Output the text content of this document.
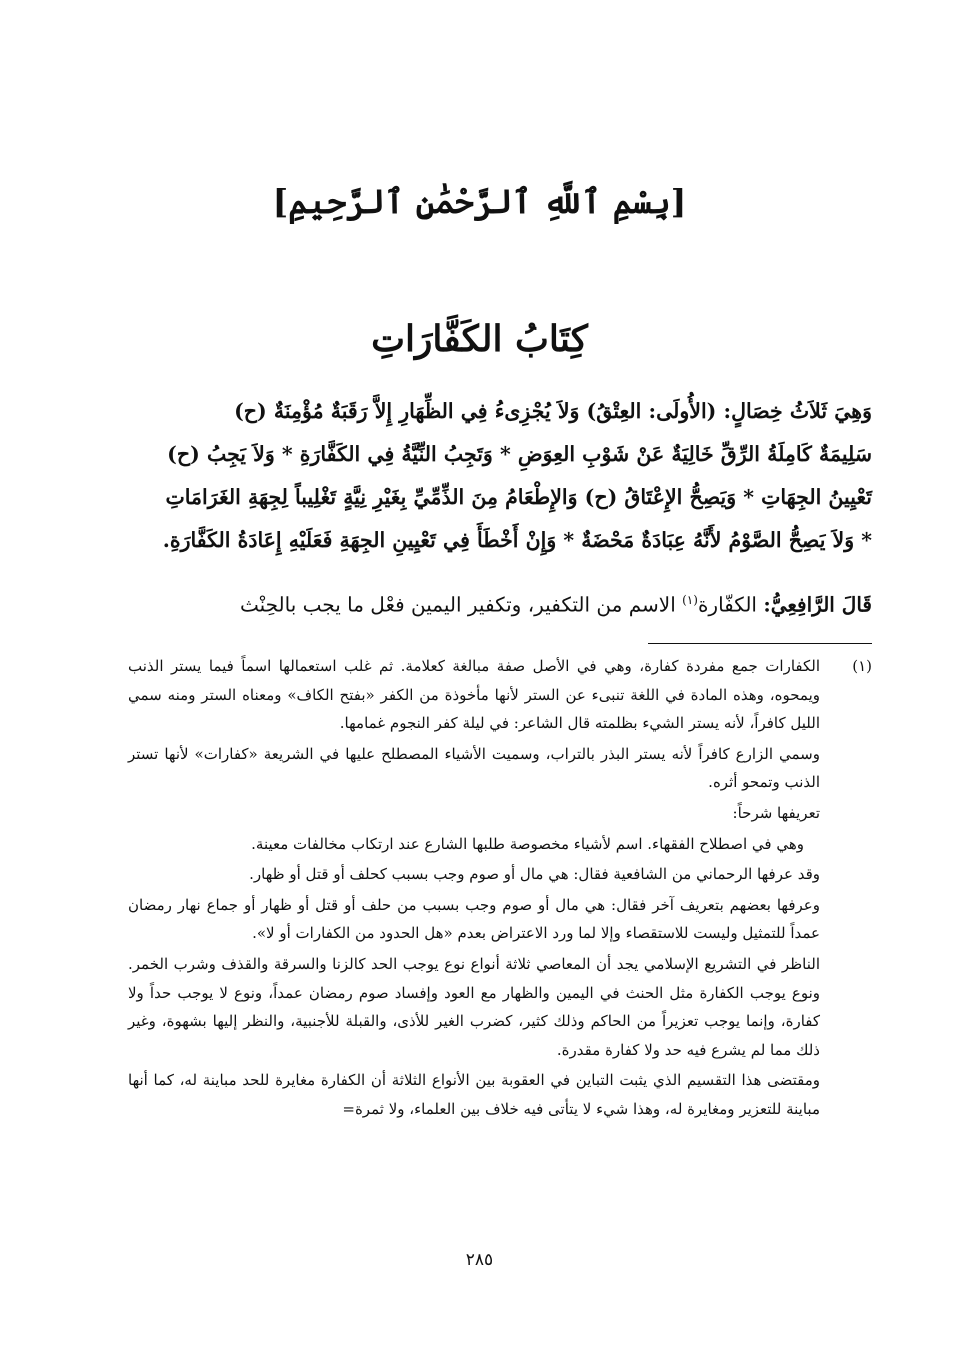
[بِسْمِ ٱللَّهِ ٱلرَّحْمَٰنِ ٱلرَّحِيمِ]
كِتَابُ الكَفَّارَاتِ

وَهِيَ ثَلاَثُ خِصَالٍ: (الأُولَى: العِتْقُ) وَلاَ يُجْزِىءُ فِي الظِّهَارِ إِلاَّ رَقَبَةٌ مُؤْمِنَةٌ (ح)

سَلِيمَةٌ كَامِلَةُ الرِّقِّ خَالِيَةٌ عَنْ شَوْبِ العِوَضِ * وَتَجِبُ النِّيَّةُ فِي الكَفَّارَةِ * وَلاَ يَجِبُ (ح)

تَعْيِينُ الجِهَاتِ * وَيَصِحُّ الإِعْتَاقُ (ح) وَالإِطْعَامُ مِنَ الذِّمِّيِّ بِغَيْرِ نِيَّةٍ تَغْلِيباً لِجِهَةِ الغَرَامَاتِ

* وَلاَ يَصِحُّ الصَّوْمُ لأَنَّهُ عِبَادَةٌ مَحْضَةٌ * وَإِنْ أَخْطَأَ فِي تَعْيِينِ الجِهَةِ فَعَلَيْهِ إِعَادَةُ الكَفَّارَةِ.

قَالَ الرَّافِعِيُّ: الكفّارة$^{(١)}$ الاسم من التكفير، وتكفير اليمين فعْل ما يجب بالحِنْث
(١)

الكفارات جمع مفردة كفارة، وهي في الأصل صفة مبالغة كعلامة. ثم غلب استعمالها اسماً فيما يستر الذنب ويمحوه، وهذه المادة في اللغة تنبىء عن الستر لأنها مأخوذة من الكفر «بفتح الكاف» ومعناه الستر ومنه سمي الليل كافراً، لأنه يستر الشيء بظلمته قال الشاعر: في ليلة كفر النجوم غمامها.

وسمي الزارع كافراً لأنه يستر البذر بالتراب، وسميت الأشياء المصطلح عليها في الشريعة «كفارات» لأنها تستر الذنب وتمحو أثره.

تعريفها شرحاً:

وهي في اصطلاح الفقهاء. اسم لأشياء مخصوصة طلبها الشارع عند ارتكاب مخالفات معينة.

وقد عرفها الرحماني من الشافعية فقال: هي مال أو صوم وجب بسبب كحلف أو قتل أو ظهار.

وعرفها بعضهم بتعريف آخر فقال: هي مال أو صوم وجب بسبب من حلف أو قتل أو ظهار أو جماع نهار رمضان عمداً للتمثيل وليست للاستقصاء وإلا لما ورد الاعتراض بعدم «هل الحدود من الكفارات أو لا».

الناظر في التشريع الإسلامي يجد أن المعاصي ثلاثة أنواع نوع يوجب الحد كالزنا والسرقة والقذف وشرب الخمر. ونوع يوجب الكفارة مثل الحنث في اليمين والظهار مع العود وإفساد صوم رمضان عمداً، ونوع لا يوجب حداً ولا كفارة، وإنما يوجب تعزيراً من الحاكم وذلك كثير، كضرب الغير للأذى، والقبلة للأجنبية، والنظر إليها بشهوة، وغير ذلك مما لم يشرع فيه حد ولا كفارة مقدرة.

ومقتضى هذا التقسيم الذي يثبت التباين في العقوبة بين الأنواع الثلاثة أن الكفارة مغايرة للحد مباينة له، كما أنها مباينة للتعزير ومغايرة له، وهذا شيء لا يتأتى فيه خلاف بين العلماء، ولا ثمرة=

٢٨٥
